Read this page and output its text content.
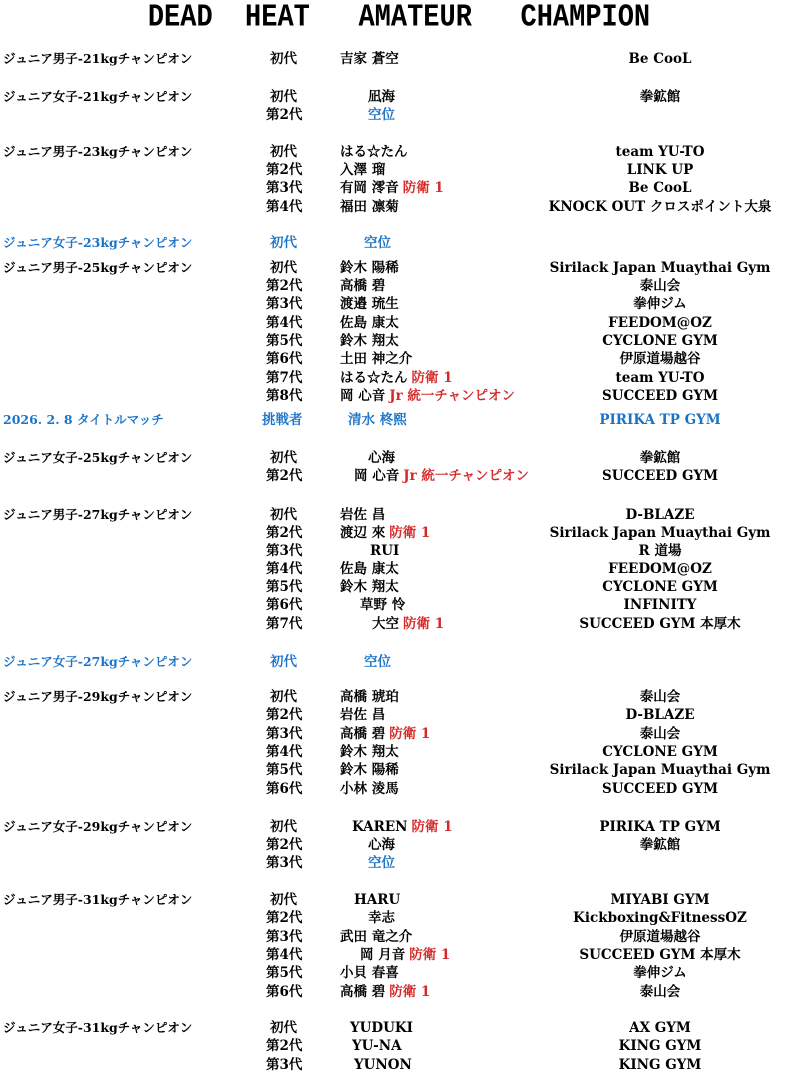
DEAD  HEAT   AMATEUR   CHAMPION
ジュニア男子-21kgチャンピオン	初代	吉家 蒼空	Be CooL
ジュニア女子-21kgチャンピオン	初代	凪海	拳鉱館
第2代	空位
ジュニア男子-23kgチャンピオン	初代	はる☆たん	team YU-TO
第2代	入澤 瑠	LINK UP
第3代	有岡 澪音 防衛 1	Be CooL
第4代	福田 凛菊	KNOCK OUT クロスポイント大泉
ジュニア女子-23kgチャンピオン	初代	空位
ジュニア男子-25kgチャンピオン	初代	鈴木 陽稀	Sirilack Japan Muaythai Gym
第2代	高橋 碧	泰山会
第3代	渡邉 琉生	拳伸ジム
第4代	佐島 康太	FEEDOM@OZ
第5代	鈴木 翔太	CYCLONE GYM
第6代	土田 神之介	伊原道場越谷
第7代	はる☆たん 防衛 1	team YU-TO
第8代	岡 心音 Jr 統一チャンピオン	SUCCEED GYM
2026. 2. 8 タイトルマッチ	挑戦者	清水 柊熙	PIRIKA TP GYM
ジュニア女子-25kgチャンピオン	初代	心海	拳鉱館
第2代	岡 心音 Jr 統一チャンピオン	SUCCEED GYM
ジュニア男子-27kgチャンピオン	初代	岩佐 昌	D-BLAZE
第2代	渡辺 來 防衛 1	Sirilack Japan Muaythai Gym
第3代	RUI	R 道場
第4代	佐島 康太	FEEDOM@OZ
第5代	鈴木 翔太	CYCLONE GYM
第6代	草野 怜	INFINITY
第7代	大空 防衛 1	SUCCEED GYM 本厚木
ジュニア女子-27kgチャンピオン	初代	空位
ジュニア男子-29kgチャンピオン	初代	高橋 琥珀	泰山会
第2代	岩佐 昌	D-BLAZE
第3代	高橋 碧 防衛 1	泰山会
第4代	鈴木 翔太	CYCLONE GYM
第5代	鈴木 陽稀	Sirilack Japan Muaythai Gym
第6代	小林 淩馬	SUCCEED GYM
ジュニア女子-29kgチャンピオン	初代	KAREN 防衛 1	PIRIKA TP GYM
第2代	心海	拳鉱館
第3代	空位
ジュニア男子-31kgチャンピオン	初代	HARU	MIYABI GYM
第2代	幸志	Kickboxing&FitnessOZ
第3代	武田 竜之介	伊原道場越谷
第4代	岡 月音 防衛 1	SUCCEED GYM 本厚木
第5代	小貝 春喜	拳伸ジム
第6代	高橋 碧 防衛 1	泰山会
ジュニア女子-31kgチャンピオン	初代	YUDUKI	AX GYM
第2代	YU-NA	KING GYM
第3代	YUNON	KING GYM
